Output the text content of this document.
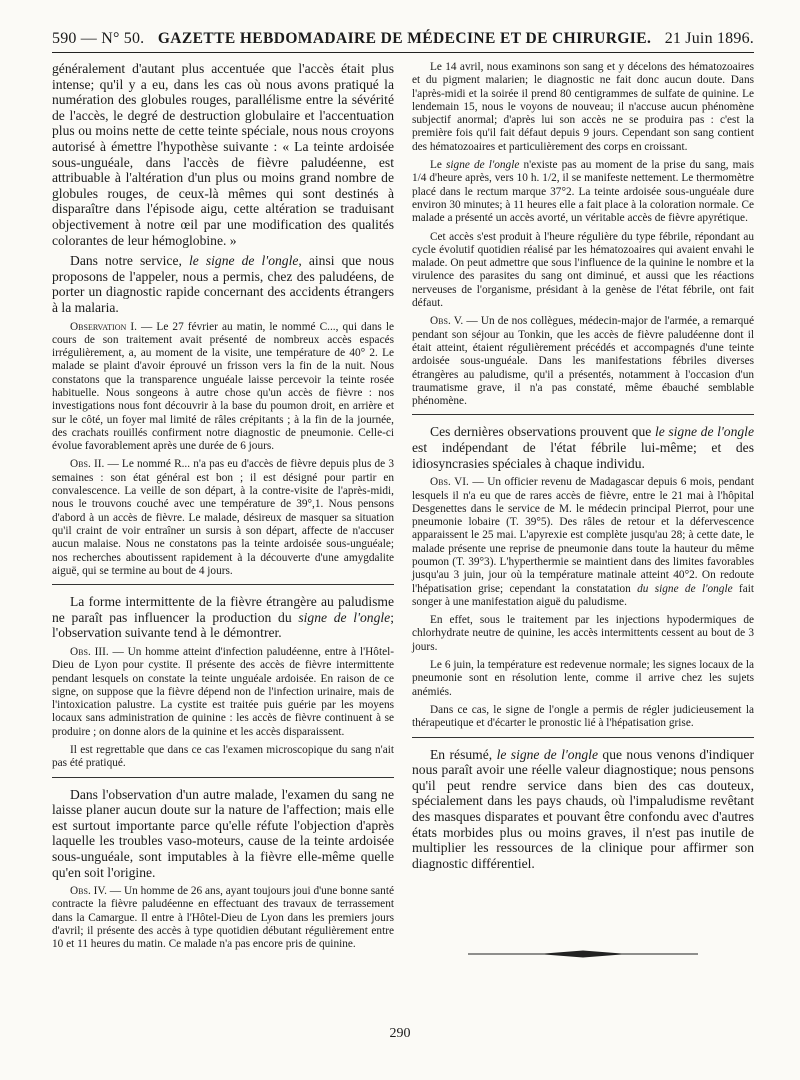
590 — N° 50. GAZETTE HEBDOMADAIRE DE MÉDECINE ET DE CHIRURGIE. 21 Juin 1896.

généralement d'autant plus accentuée que l'accès était plus intense; qu'il y a eu, dans les cas où nous avons pratiqué la numération des globules rouges, parallélisme entre la sévérité de l'accès, le degré de destruction globulaire et l'accentuation plus ou moins nette de cette teinte spéciale, nous nous croyons autorisé à émettre l'hypothèse suivante : « La teinte ardoisée sous-unguéale, dans l'accès de fièvre paludéenne, est attribuable à l'altération d'un plus ou moins grand nombre de globules rouges, de ceux-là mêmes qui sont destinés à disparaître dans l'épisode aigu, cette altération se traduisant objectivement à notre œil par une modification des qualités colorantes de leur hémoglobine. »

Dans notre service, le signe de l'ongle, ainsi que nous proposons de l'appeler, nous a permis, chez des paludéens, de porter un diagnostic rapide concernant des accidents étrangers à la malaria.

Observation I. — Le 27 février au matin, le nommé C..., qui dans le cours de son traitement avait présenté de nombreux accès espacés irrégulièrement, a, au moment de la visite, une température de 40° 2. Le malade se plaint d'avoir éprouvé un frisson vers la fin de la nuit. Nous constatons que la transparence unguéale laisse percevoir la teinte rosée habituelle. Nous songeons à autre chose qu'un accès de fièvre : nos investigations nous font découvrir à la base du poumon droit, en arrière et sur le côté, un foyer mal limité de râles crépitants ; à la fin de la journée, des crachats rouillés confirment notre diagnostic de pneumonie. Celle-ci évolue favorablement après une durée de 6 jours.

Obs. II. — Le nommé R... n'a pas eu d'accès de fièvre depuis plus de 3 semaines : son état général est bon ; il est désigné pour partir en convalescence. La veille de son départ, à la contre-visite de l'après-midi, nous le trouvons couché avec une température de 39°,1. Nous pensons d'abord à un accès de fièvre. Le malade, désireux de masquer sa situation qu'il craint de voir entraîner un sursis à son départ, affecte de n'accuser aucun malaise. Nous ne constatons pas la teinte ardoisée sous-unguéale; nos recherches aboutissent rapidement à la découverte d'une amygdalite aiguë, qui se termine au bout de 4 jours.

La forme intermittente de la fièvre étrangère au paludisme ne paraît pas influencer la production du signe de l'ongle; l'observation suivante tend à le démontrer.

Obs. III. — Un homme atteint d'infection paludéenne, entre à l'Hôtel-Dieu de Lyon pour cystite. Il présente des accès de fièvre intermittente pendant lesquels on constate la teinte unguéale ardoisée. En raison de ce signe, on suppose que la fièvre dépend non de l'infection urinaire, mais de l'intoxication palustre. La cystite est traitée puis guérie par les moyens locaux sans administration de quinine : les accès de fièvre continuent à se produire ; on donne alors de la quinine et les accès disparaissent.

Il est regrettable que dans ce cas l'examen microscopique du sang n'ait pas été pratiqué.

Dans l'observation d'un autre malade, l'examen du sang ne laisse planer aucun doute sur la nature de l'affection; mais elle est surtout importante parce qu'elle réfute l'objection d'après laquelle les troubles vaso-moteurs, cause de la teinte ardoisée sous-unguéale, sont imputables à la fièvre elle-même quelle qu'en soit l'origine.

Obs. IV. — Un homme de 26 ans, ayant toujours joui d'une bonne santé contracte la fièvre paludéenne en effectuant des travaux de terrassement dans la Camargue. Il entre à l'Hôtel-Dieu de Lyon dans les premiers jours d'avril; il présente des accès à type quotidien débutant régulièrement entre 10 et 11 heures du matin. Ce malade n'a pas encore pris de quinine.

Le 14 avril, nous examinons son sang et y décelons des hématozoaires et du pigment malarien; le diagnostic ne fait donc aucun doute. Dans l'après-midi et la soirée il prend 80 centigrammes de sulfate de quinine. Le lendemain 15, nous le voyons de nouveau; il n'accuse aucun phénomène subjectif anormal; d'après lui son accès ne se produira pas : c'est la première fois qu'il fait défaut depuis 9 jours. Cependant son sang contient des hématozoaires et particulièrement des corps en croissant.

Le signe de l'ongle n'existe pas au moment de la prise du sang, mais 1/4 d'heure après, vers 10 h. 1/2, il se manifeste nettement. Le thermomètre placé dans le rectum marque 37°2. La teinte ardoisée sous-unguéale dure environ 30 minutes; à 11 heures elle a fait place à la coloration normale. Ce malade a présenté un accès avorté, un véritable accès de fièvre apyrétique.

Cet accès s'est produit à l'heure régulière du type fébrile, répondant au cycle évolutif quotidien réalisé par les hématozoaires qui avaient envahi le malade. On peut admettre que sous l'influence de la quinine le nombre et la virulence des parasites du sang ont diminué, et aussi que les réactions nerveuses de l'organisme, présidant à la genèse de l'état fébrile, ont fait défaut.

Obs. V. — Un de nos collègues, médecin-major de l'armée, a remarqué pendant son séjour au Tonkin, que les accès de fièvre paludéenne dont il était atteint, étaient régulièrement précédés et accompagnés d'une teinte ardoisée sous-unguéale. Dans les manifestations fébriles diverses étrangères au paludisme, qu'il a présentés, notamment à l'occasion d'un traumatisme grave, il n'a pas constaté, même ébauché semblable phénomène.

Ces dernières observations prouvent que le signe de l'ongle est indépendant de l'état fébrile lui-même; et des idiosyncrasies spéciales à chaque individu.

Obs. VI. — Un officier revenu de Madagascar depuis 6 mois, pendant lesquels il n'a eu que de rares accès de fièvre, entre le 21 mai à l'hôpital Desgenettes dans le service de M. le médecin principal Pierrot, pour une pneumonie lobaire (T. 39°5). Des râles de retour et la défervescence apparaissent le 25 mai. L'apyrexie est complète jusqu'au 28; à cette date, le malade présente une reprise de pneumonie dans toute la hauteur du même poumon (T. 39°3). L'hyperthermie se maintient dans des limites favorables jusqu'au 3 juin, jour où la température matinale atteint 40°2. On redoute l'hépatisation grise; cependant la constatation du signe de l'ongle fait songer à une manifestation aiguë du paludisme.

En effet, sous le traitement par les injections hypodermiques de chlorhydrate neutre de quinine, les accès intermittents cessent au bout de 3 jours.

Le 6 juin, la température est redevenue normale; les signes locaux de la pneumonie sont en résolution lente, comme il arrive chez les sujets anémiés.

Dans ce cas, le signe de l'ongle a permis de régler judicieusement la thérapeutique et d'écarter le pronostic lié à l'hépatisation grise.

En résumé, le signe de l'ongle que nous venons d'indiquer nous paraît avoir une réelle valeur diagnostique; nous pensons qu'il peut rendre service dans bien des cas douteux, spécialement dans les pays chauds, où l'impaludisme revêtant des masques disparates et pouvant être confondu avec d'autres états morbides plus ou moins graves, il n'est pas inutile de multiplier les ressources de la clinique pour affirmer son diagnostic différentiel.

290
